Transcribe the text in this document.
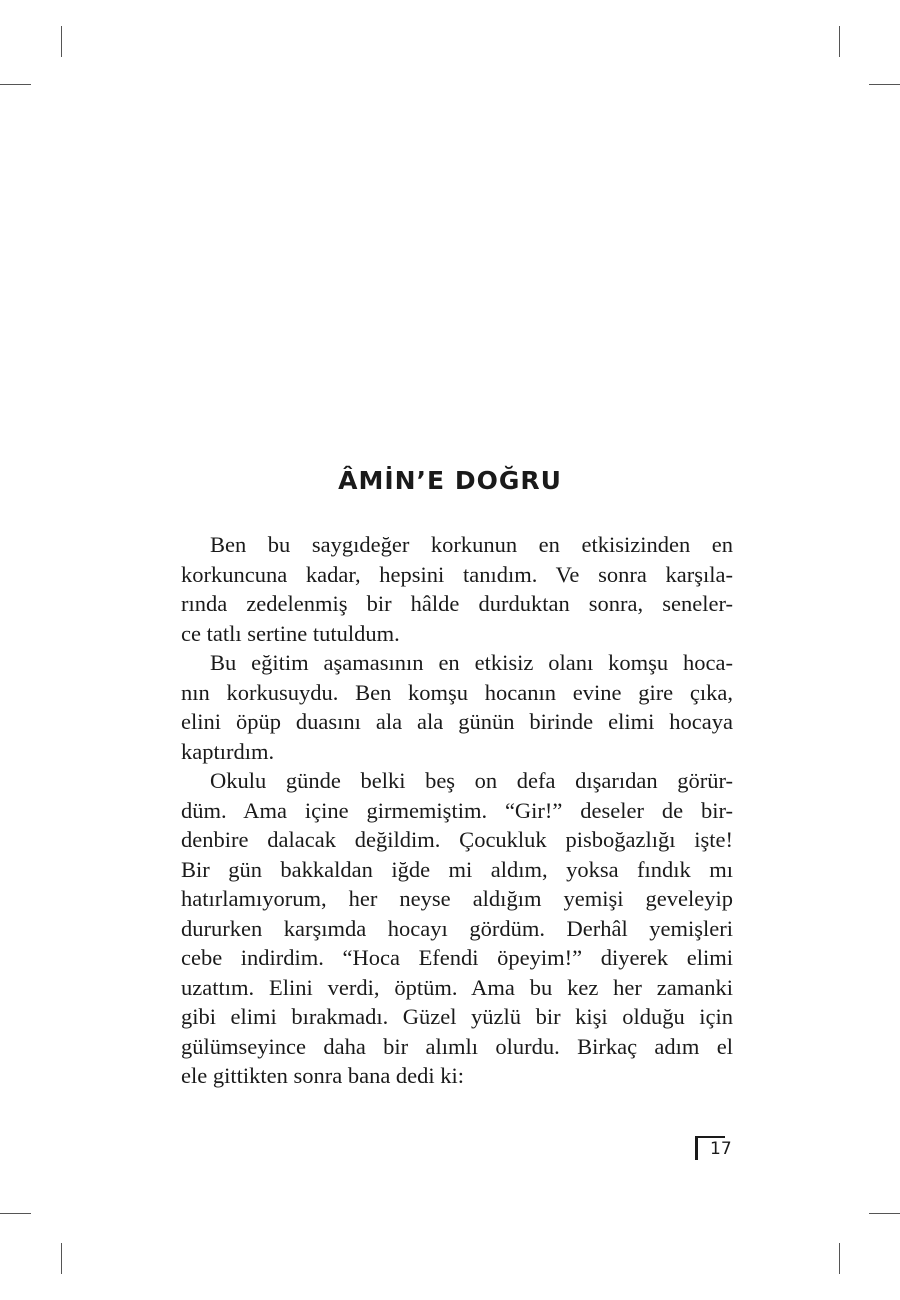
ÂMİN’E DOĞRU
Ben bu saygıdeğer korkunun en etkisizinden en
korkuncuna kadar, hepsini tanıdım. Ve sonra karşıla-
rında zedelenmiş bir hâlde durduktan sonra, seneler-
ce tatlı sertine tutuldum.
Bu eğitim aşamasının en etkisiz olanı komşu hoca-
nın korkusuydu. Ben komşu hocanın evine gire çıka,
elini öpüp duasını ala ala günün birinde elimi hocaya
kaptırdım.
Okulu günde belki beş on defa dışarıdan görür-
düm. Ama içine girmemiştim. “Gir!” deseler de bir-
denbire dalacak değildim. Çocukluk pisboğazlığı işte!
Bir gün bakkaldan iğde mi aldım, yoksa fındık mı
hatırlamıyorum, her neyse aldığım yemişi geveleyip
dururken karşımda hocayı gördüm. Derhâl yemişleri
cebe indirdim. “Hoca Efendi öpeyim!” diyerek elimi
uzattım. Elini verdi, öptüm. Ama bu kez her zamanki
gibi elimi bırakmadı. Güzel yüzlü bir kişi olduğu için
gülümseyince daha bir alımlı olurdu. Birkaç adım el
ele gittikten sonra bana dedi ki:
17
